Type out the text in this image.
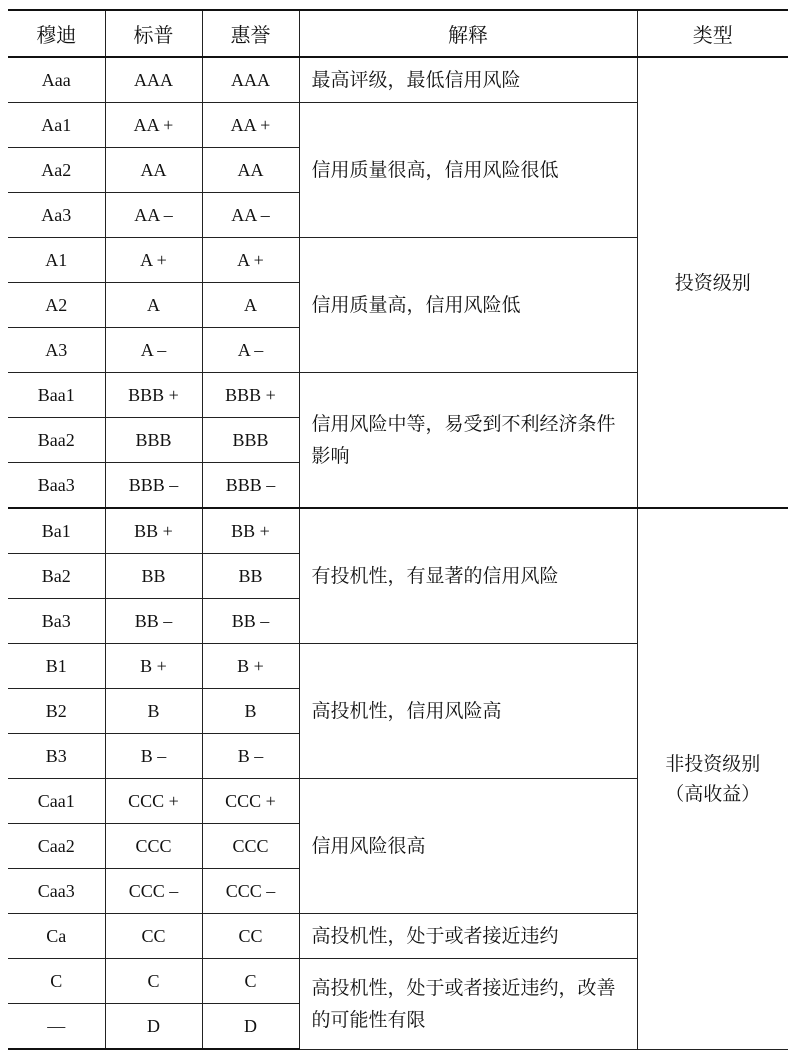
穆迪	标普	惠誉	解释	类型
Aaa	AAA	AAA	最高评级，最低信用风险	投资级别
Aa1	AA +	AA +	信用质量很高，信用风险很低	
Aa2	AA	AA		
Aa3	AA –	AA –		
A1	A +	A +	信用质量高，信用风险低	
A2	A	A		
A3	A –	A –		
Baa1	BBB +	BBB +	信用风险中等，易受到不利经济条件影响	
Baa2	BBB	BBB		
Baa3	BBB –	BBB –		
Ba1	BB +	BB +	有投机性，有显著的信用风险	非投资级别
（高收益）

Ba2	BB	BB		
Ba3	BB –	BB –		
B1	B +	B +	高投机性，信用风险高	
B2	B	B		
B3	B –	B –		
Caa1	CCC +	CCC +	信用风险很高	
Caa2	CCC	CCC		
Caa3	CCC –	CCC –		
Ca	CC	CC	高投机性，处于或者接近违约	
C	C	C	高投机性，处于或者接近违约，改善的可能性有限	
—	D	D		
